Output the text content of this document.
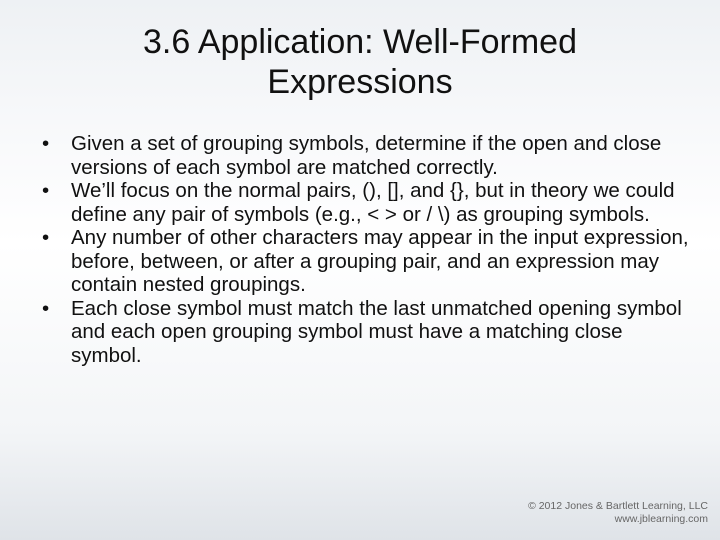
3.6 Application: Well-Formed
Expressions
• Given a set of grouping symbols, determine if the open and close versions of each symbol are matched correctly.
• We’ll focus on the normal pairs, (), [], and {}, but in theory we could define any pair of symbols (e.g., < > or / \) as grouping symbols.
• Any number of other characters may appear in the input expression, before, between, or after a grouping pair, and an expression may contain nested groupings.
• Each close symbol must match the last unmatched opening symbol and each open grouping symbol must have a matching close symbol.
© 2012 Jones & Bartlett Learning, LLC
www.jblearning.com
